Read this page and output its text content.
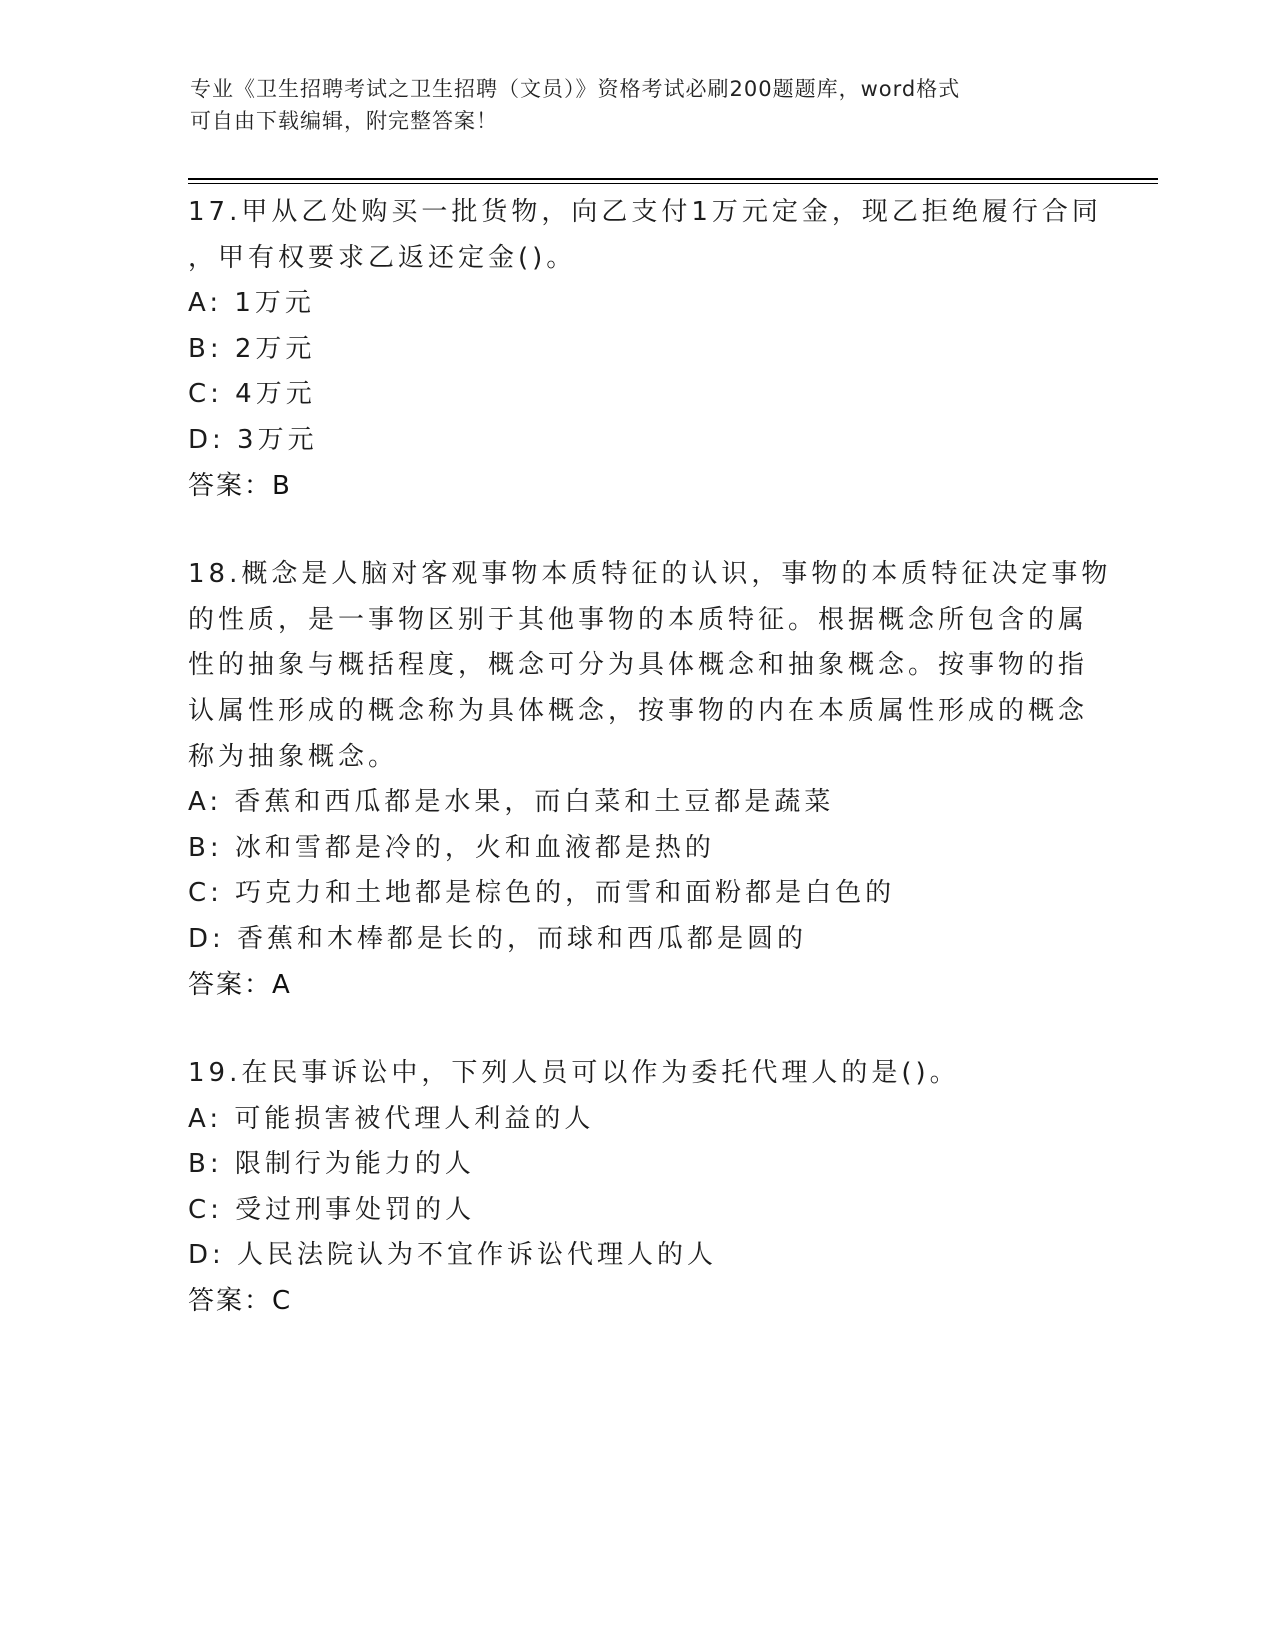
专业《卫生招聘考试之卫生招聘（文员）》资格考试必刷200题题库，word格式
可自由下载编辑，附完整答案！
17.甲从乙处购买一批货物，向乙支付1万元定金，现乙拒绝履行合同
，甲有权要求乙返还定金()。
A: 1万元
B: 2万元
C: 4万元
D: 3万元
答案：B
18.概念是人脑对客观事物本质特征的认识，事物的本质特征决定事物
的性质，是一事物区别于其他事物的本质特征。根据概念所包含的属
性的抽象与概括程度，概念可分为具体概念和抽象概念。按事物的指
认属性形成的概念称为具体概念，按事物的内在本质属性形成的概念
称为抽象概念。
A: 香蕉和西瓜都是水果，而白菜和土豆都是蔬菜
B: 冰和雪都是冷的，火和血液都是热的
C: 巧克力和土地都是棕色的，而雪和面粉都是白色的
D: 香蕉和木棒都是长的，而球和西瓜都是圆的
答案：A
19.在民事诉讼中，下列人员可以作为委托代理人的是()。
A: 可能损害被代理人利益的人
B: 限制行为能力的人
C: 受过刑事处罚的人
D: 人民法院认为不宜作诉讼代理人的人
答案：C
